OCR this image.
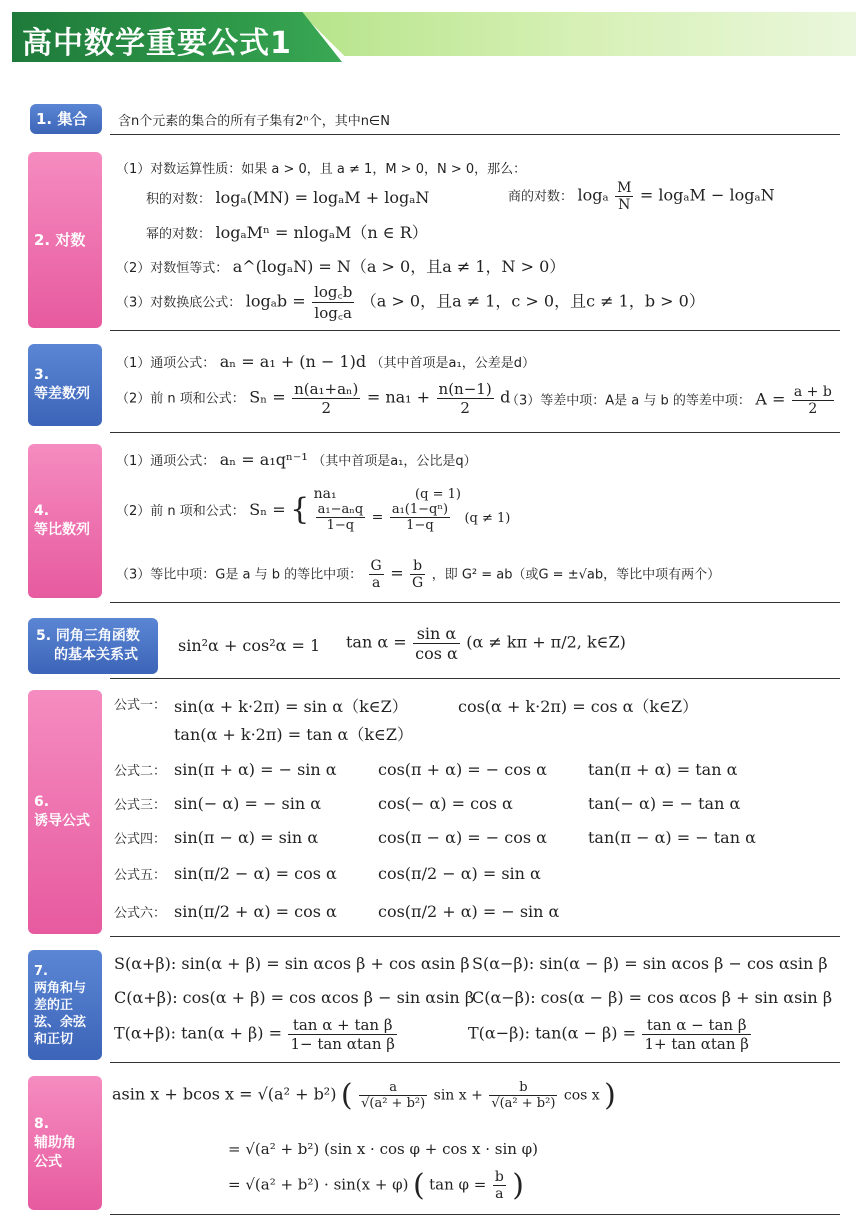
高中数学重要公式1
1. 集合	含n个元素的集合的所有子集有2ⁿ个，其中n∈N
2. 对数
（1）对数运算性质：如果 a > 0，且 a ≠ 1，M > 0，N > 0，那么：
积的对数： logₐ(MN) = logₐM + logₐN	商的对数： logₐ $\frac{M}{N} = \log_aM - \log_aN$
幂的对数： logₐMⁿ = nlogₐM（n ∈ R）
（2）对数恒等式： a^(logₐN) = N（a > 0，且a ≠ 1，N > 0）
（3）对数换底公式： $\log_ab = \frac{\log꜀b}{\log꜀a} (a > 0$，且a ≠ 1，c > 0，且c ≠ 1，b > 0）
3.
等差数列
（1）通项公式： aₙ = a₁ + (n − 1)d （其中首项是a₁，公差是d）
（2）前 n 项和公式： $S_n = \frac{\text{n(a₁+aₙ)}}{2} = na_1 + \frac{n(n-1)}{2}$ d
（3）等差中项：A是 a 与 b 的等差中项： $A = \frac{a + b}{2}$
4.
等比数列
（1）通项公式： aₙ = a₁qⁿ⁻¹ （其中首项是a₁，公比是q）
（2）前 n 项和公式： Sₙ = { na₁	(q = 1)
a₁−aₙq
1−q	= $\frac{\text{a₁(1−qⁿ)}}{1-q} (q \ne 1)$
（3）等比中项：G是 a 与 b 的等比中项： $\frac{G}{a} = \frac{b}{G}$ ，即 G² = ab（或G = ±√ab，等比中项有两个）
5. 同角三角函数
的基本关系式	sin²α + cos²α = 1 $\tan \alpha = \frac{\text{sin α}}{\text{cos α}} (\alpha \ne k\pi + \pi/2$, k∈Z)
6.
诱导公式
公式一： sin(α + k·2π) = sin α（k∈Z）	cos(α + k·2π) = cos α（k∈Z）
tan(α + k·2π) = tan α（k∈Z）
公式二： sin(π + α) = − sin α	cos(π + α) = − cos α	tan(π + α) = tan α
公式三： sin(− α) = − sin α	cos(− α) = cos α	tan(− α) = − tan α
公式四： sin(π − α) = sin α	cos(π − α) = − cos α	tan(π − α) = − tan α
公式五： sin(π/2 − α) = cos α	cos(π/2 − α) = sin α
公式六： sin(π/2 + α) = cos α	cos(π/2 + α) = − sin α
7.
两角和与
差的正
弦、余弦
和正切
S(α+β): sin(α + β) = sin αcos β + cos αsin β S(α−β): sin(α − β) = sin αcos β − cos αsin β
C(α+β): cos(α + β) = cos αcos β − sin αsin β
C(α−β): cos(α − β) = cos αcos β + sin αsin β
T(α+β): $\tan(\alpha + \beta) = \frac{\text{tan α + tan β}}{\text{1− tan αtan β}}$	T(α−β): $\tan(\alpha - \beta) = \frac{\text{tan α − tan β}}{\text{1+ tan αtan β}}$
8.
辅助角
公式
asin x + bcos x = √(a² + b²) ( $\frac{a}{\text{√(a² + b²)}}$ $\sin x + \frac{b}{\text{√(a² + b²)}}$ cos x )
= √(a² + b²) (sin x · cos φ + cos x · sin φ)
= √(a² + b²) · sin(x + φ) ( $\tan \varphi = \frac{b}{a}$ )
